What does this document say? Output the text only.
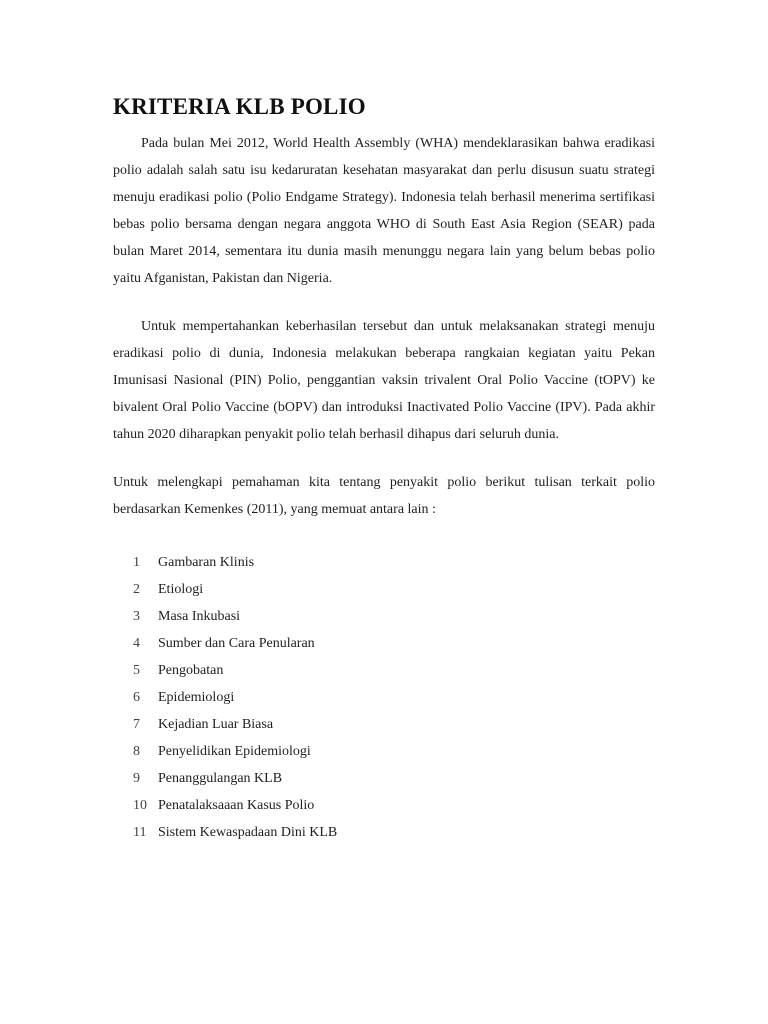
KRITERIA KLB POLIO

Pada bulan Mei 2012, World Health Assembly (WHA) mendeklarasikan bahwa eradikasi polio adalah salah satu isu kedaruratan kesehatan masyarakat dan perlu disusun suatu strategi menuju eradikasi polio (Polio Endgame Strategy). Indonesia telah berhasil menerima sertifikasi bebas polio bersama dengan negara anggota WHO di South East Asia Region (SEAR) pada bulan Maret 2014, sementara itu dunia masih menunggu negara lain yang belum bebas polio yaitu Afganistan, Pakistan dan Nigeria.

Untuk mempertahankan keberhasilan tersebut dan untuk melaksanakan strategi menuju eradikasi polio di dunia, Indonesia melakukan beberapa rangkaian kegiatan yaitu Pekan Imunisasi Nasional (PIN) Polio, penggantian vaksin trivalent Oral Polio Vaccine (tOPV) ke bivalent Oral Polio Vaccine (bOPV) dan introduksi Inactivated Polio Vaccine (IPV). Pada akhir tahun 2020 diharapkan penyakit polio telah berhasil dihapus dari seluruh dunia.

Untuk melengkapi pemahaman kita tentang penyakit polio berikut tulisan terkait polio berdasarkan Kemenkes (2011), yang memuat antara lain :

1	Gambaran Klinis
2	Etiologi
3	Masa Inkubasi
4	Sumber dan Cara Penularan
5	Pengobatan
6	Epidemiologi
7	Kejadian Luar Biasa
8	Penyelidikan Epidemiologi
9	Penanggulangan KLB
10 Penatalaksaaan Kasus Polio
11 Sistem Kewaspadaan Dini KLB
